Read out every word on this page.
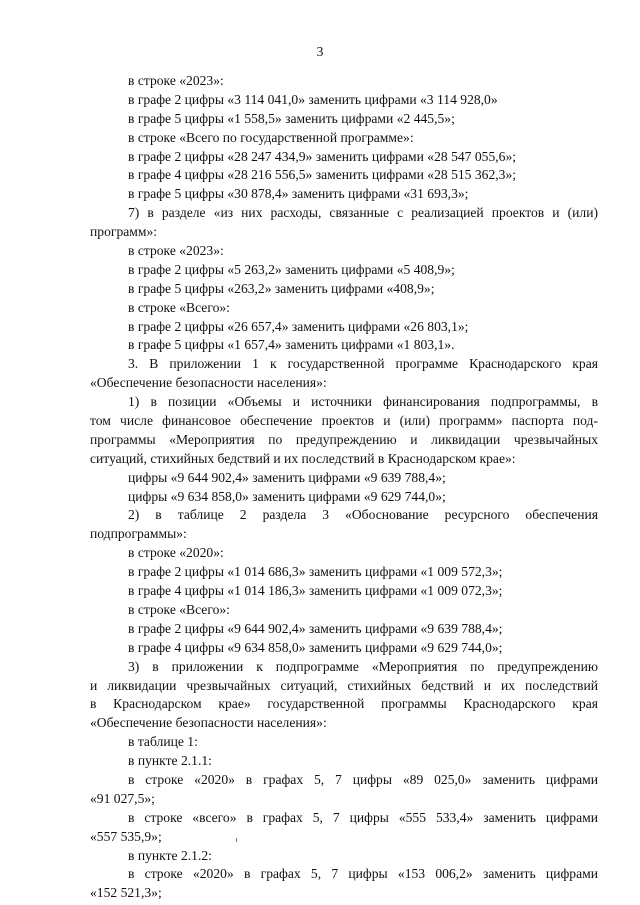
3
в строке «2023»:
в графе 2 цифры «3 114 041,0» заменить цифрами «3 114 928,0»
в графе 5 цифры «1 558,5» заменить цифрами «2 445,5»;
в строке «Всего по государственной программе»:
в графе 2 цифры «28 247 434,9» заменить цифрами «28 547 055,6»;
в графе 4 цифры «28 216 556,5» заменить цифрами «28 515 362,3»;
в графе 5 цифры «30 878,4» заменить цифрами «31 693,3»;
7) в разделе «из них расходы, связанные с реализацией проектов и (или)
программ»:
в строке «2023»:
в графе 2 цифры «5 263,2» заменить цифрами «5 408,9»;
в графе 5 цифры «263,2» заменить цифрами «408,9»;
в строке «Всего»:
в графе 2 цифры «26 657,4» заменить цифрами «26 803,1»;
в графе 5 цифры «1 657,4» заменить цифрами «1 803,1».
3. В приложении 1 к государственной программе Краснодарского края
«Обеспечение безопасности населения»:
1) в позиции «Объемы и источники финансирования подпрограммы, в
том числе финансовое обеспечение проектов и (или) программ» паспорта под-
программы «Мероприятия по предупреждению и ликвидации чрезвычайных
ситуаций, стихийных бедствий и их последствий в Краснодарском крае»:
цифры «9 644 902,4» заменить цифрами «9 639 788,4»;
цифры «9 634 858,0» заменить цифрами «9 629 744,0»;
2) в таблице 2 раздела 3 «Обоснование ресурсного обеспечения
подпрограммы»:
в строке «2020»:
в графе 2 цифры «1 014 686,3» заменить цифрами «1 009 572,3»;
в графе 4 цифры «1 014 186,3» заменить цифрами «1 009 072,3»;
в строке «Всего»:
в графе 2 цифры «9 644 902,4» заменить цифрами «9 639 788,4»;
в графе 4 цифры «9 634 858,0» заменить цифрами «9 629 744,0»;
3) в приложении к подпрограмме «Мероприятия по предупреждению
и ликвидации чрезвычайных ситуаций, стихийных бедствий и их последствий
в Краснодарском крае» государственной программы Краснодарского края
«Обеспечение безопасности населения»:
в таблице 1:
в пункте 2.1.1:
в строке «2020» в графах 5, 7 цифры «89 025,0» заменить цифрами
«91 027,5»;
в строке «всего» в графах 5, 7 цифры «555 533,4» заменить цифрами
«557 535,9»;
в пункте 2.1.2:
в строке «2020» в графах 5, 7 цифры «153 006,2» заменить цифрами
«152 521,3»;
